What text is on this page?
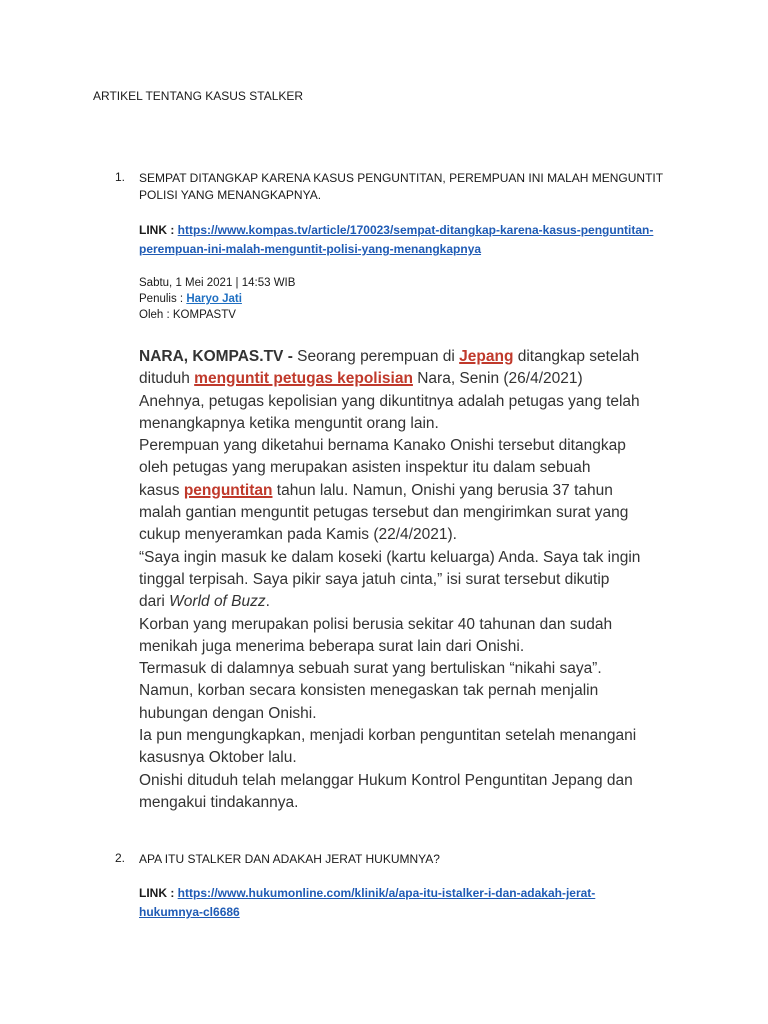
ARTIKEL TENTANG KASUS STALKER
1. SEMPAT DITANGKAP KARENA KASUS PENGUNTITAN, PEREMPUAN INI MALAH MENGUNTIT
POLISI YANG MENANGKAPNYA.
LINK : https://www.kompas.tv/article/170023/sempat-ditangkap-karena-kasus-penguntitan-
perempuan-ini-malah-menguntit-polisi-yang-menangkapnya
Sabtu, 1 Mei 2021 | 14:53 WIB
Penulis : Haryo Jati
Oleh : KOMPASTV
NARA, KOMPAS.TV - Seorang perempuan di Jepang ditangkap setelah
dituduh menguntit petugas kepolisian Nara, Senin (26/4/2021)
Anehnya, petugas kepolisian yang dikuntitnya adalah petugas yang telah
menangkapnya ketika menguntit orang lain.
Perempuan yang diketahui bernama Kanako Onishi tersebut ditangkap
oleh petugas yang merupakan asisten inspektur itu dalam sebuah
kasus penguntitan tahun lalu. Namun, Onishi yang berusia 37 tahun
malah gantian menguntit petugas tersebut dan mengirimkan surat yang
cukup menyeramkan pada Kamis (22/4/2021).
“Saya ingin masuk ke dalam koseki (kartu keluarga) Anda. Saya tak ingin
tinggal terpisah. Saya pikir saya jatuh cinta,” isi surat tersebut dikutip
dari World of Buzz.
Korban yang merupakan polisi berusia sekitar 40 tahunan dan sudah
menikah juga menerima beberapa surat lain dari Onishi.
Termasuk di dalamnya sebuah surat yang bertuliskan “nikahi saya”.
Namun, korban secara konsisten menegaskan tak pernah menjalin
hubungan dengan Onishi.
Ia pun mengungkapkan, menjadi korban penguntitan setelah menangani
kasusnya Oktober lalu.
Onishi dituduh telah melanggar Hukum Kontrol Penguntitan Jepang dan
mengakui tindakannya.
2. APA ITU STALKER DAN ADAKAH JERAT HUKUMNYA?
LINK : https://www.hukumonline.com/klinik/a/apa-itu-istalker-i-dan-adakah-jerat-
hukumnya-cl6686
